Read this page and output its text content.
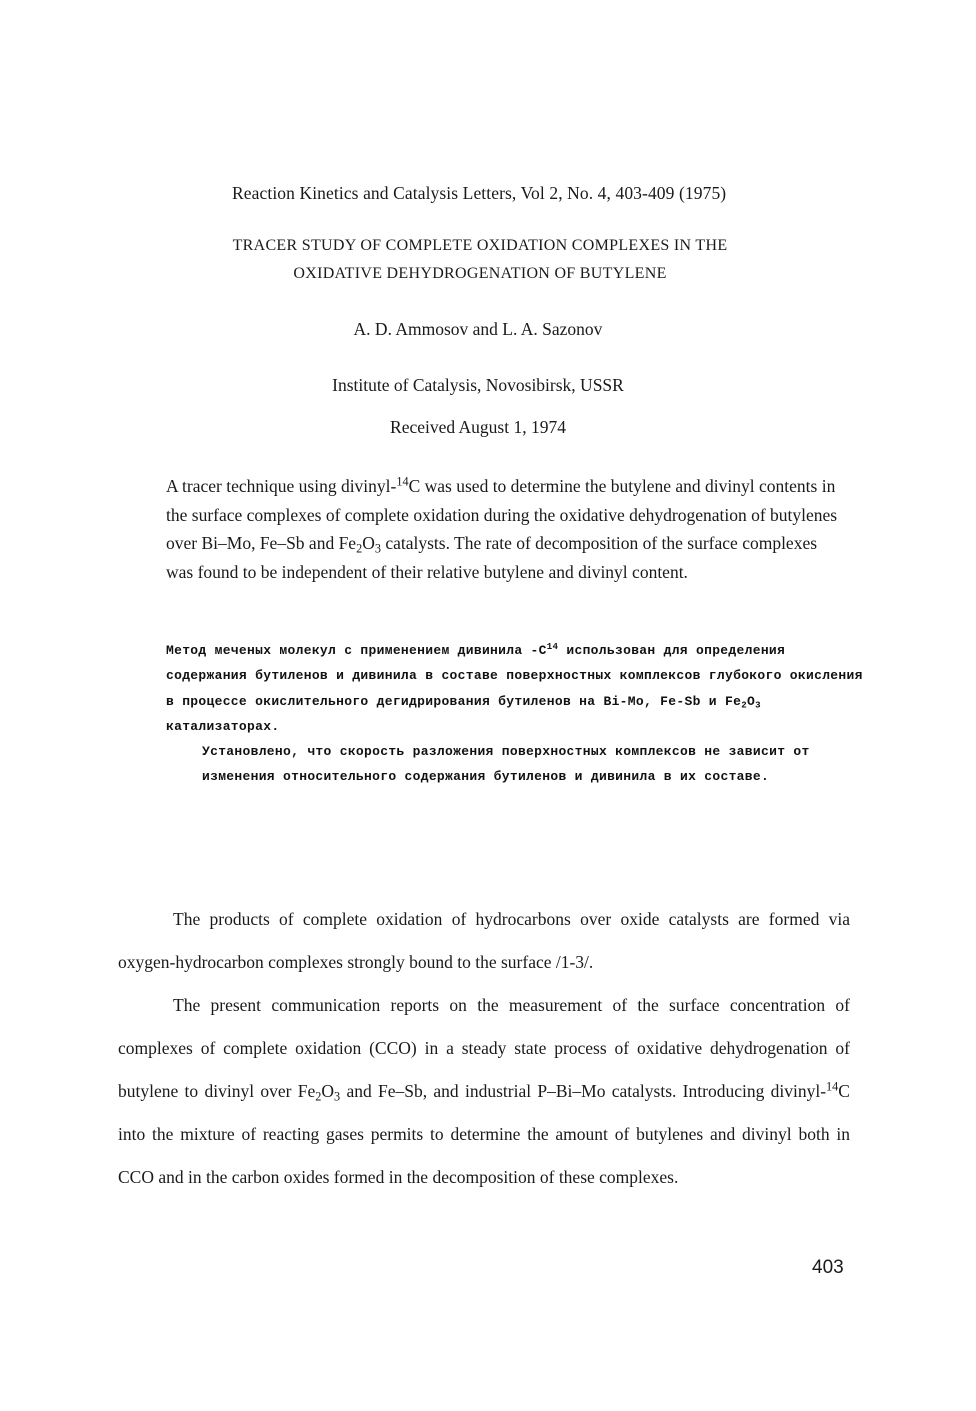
Reaction Kinetics and Catalysis Letters, Vol 2, No. 4, 403-409 (1975)
TRACER STUDY OF COMPLETE OXIDATION COMPLEXES IN THE
OXIDATIVE DEHYDROGENATION OF BUTYLENE
A. D. Ammosov and L. A. Sazonov
Institute of Catalysis, Novosibirsk, USSR
Received August 1, 1974
A tracer technique using divinyl-$^{14}$C was used to determine the butylene and divinyl contents in the surface complexes of complete oxidation during the oxidative dehydrogenation of butylenes over Bi–Mo, Fe–Sb and $Fe_2O_3$ catalysts. The rate of decomposition of the surface complexes was found to be independent of their relative butylene and divinyl content.

Метод меченых молекул с применением дивинила $-C^{14}$ использован для определения содержания бутиленов и дивинила в составе поверхностных комплексов глубокого окисления в процессе окислительного дегидрирования бутиленов на Bi-Mo, Fe-Sb и $Fe_2O_3$ катализаторах.

Установлено, что скорость разложения поверхностных комплексов не зависит от изменения относительного содержания бутиленов и дивинила в их составе.

The products of complete oxidation of hydrocarbons over oxide catalysts are formed via oxygen-hydrocarbon complexes strongly bound to the surface /1-3/.

The present communication reports on the measurement of the surface concentration of complexes of complete oxidation (CCO) in a steady state process of oxidative dehydrogenation of butylene to divinyl over $Fe_2O_3$ and Fe–Sb, and industrial P–Bi–Mo catalysts. Introducing divinyl-$^{14}$C into the mixture of reacting gases permits to determine the amount of butylenes and divinyl both in CCO and in the carbon oxides formed in the decomposition of these complexes.

403
